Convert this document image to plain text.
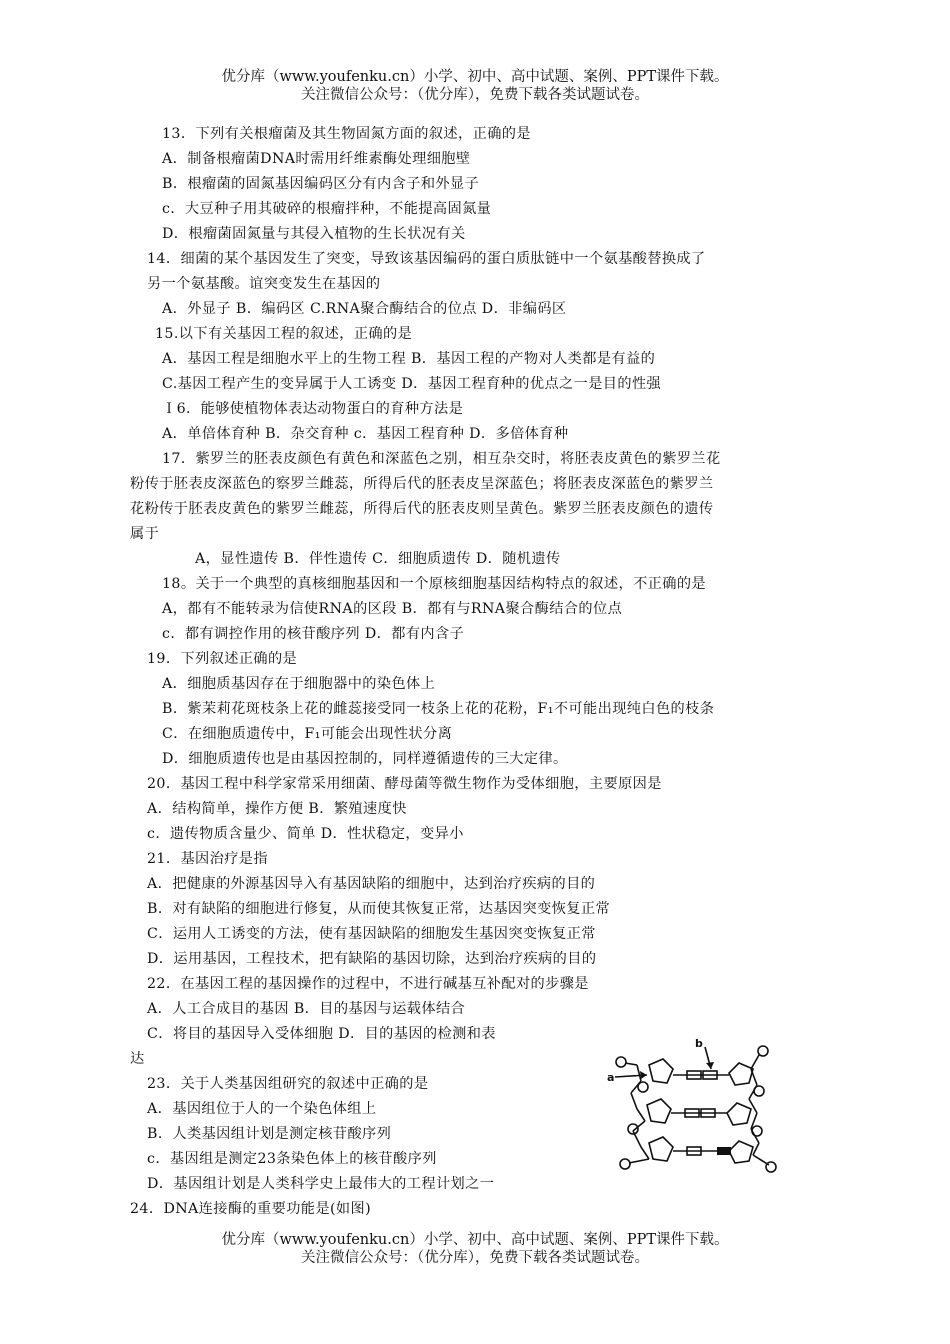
优分库（www.youfenku.cn）小学、初中、高中试题、案例、PPT课件下载。
关注微信公众号：（优分库），免费下载各类试题试卷。
13．下列有关根瘤菌及其生物固氮方面的叙述，正确的是
A．制备根瘤菌DNA时需用纤维素酶处理细胞壁
B．根瘤菌的固氮基因编码区分有内含子和外显子
c．大豆种子用其破碎的根瘤拌种，不能提高固氮量
D．根瘤菌固氮量与其侵入植物的生长状况有关
14．细菌的某个基因发生了突变，导致该基因编码的蛋白质肽链中一个氨基酸替换成了
另一个氨基酸。谊突变发生在基因的
A．外显子 B．编码区 C.RNA聚合酶结合的位点 D．非编码区
15.以下有关基因工程的叙述，正确的是
A．基因工程是细胞水平上的生物工程 B．基因工程的产物对人类都是有益的
C.基因工程产生的变异属于人工诱变 D．基因工程育种的优点之一是目的性强
Ｉ6．能够使植物体表达动物蛋白的育种方法是
A．单倍体育种 B．杂交育种 c．基因工程育种 D．多倍体育种
17．紫罗兰的胚表皮颜色有黄色和深蓝色之别，相互杂交时，将胚表皮黄色的紫罗兰花
粉传于胚表皮深蓝色的察罗兰雌蕊，所得后代的胚表皮呈深蓝色；将胚表皮深蓝色的紫罗兰
花粉传于胚表皮黄色的紫罗兰雌蕊，所得后代的胚表皮则呈黄色。紫罗兰胚表皮颜色的遗传
属于
A，显性遗传 B．伴性遗传 C．细胞质遗传 D．随机遗传
18。关于一个典型的真核细胞基因和一个原核细胞基因结构特点的叙述，不正确的是
A，都有不能转录为信使RNA的区段 B．都有与RNA聚合酶结合的位点
c．都有调控作用的核苷酸序列 D．都有内含子
19．下列叙述正确的是
A．细胞质基因存在于细胞器中的染色体上
B．紫茉莉花斑枝条上花的雌蕊接受同一枝条上花的花粉，F₁不可能出现纯白色的枝条
C．在细胞质遗传中，F₁可能会出现性状分离
D．细胞质遗传也是由基因控制的，同样遵循遗传的三大定律。
20．基因工程中科学家常采用细菌、酵母菌等微生物作为受体细胞，主要原因是
A．结构简单，操作方便 B．繁殖速度快
c．遗传物质含量少、简单 D．性状稳定，变异小
21．基因治疗是指
A．把健康的外源基因导入有基因缺陷的细胞中，达到治疗疾病的目的
B．对有缺陷的细胞进行修复，从而使其恢复正常，达基因突变恢复正常
C．运用人工诱变的方法，使有基因缺陷的细胞发生基因突变恢复正常
D．运用基因，工程技术，把有缺陷的基因切除，达到治疗疾病的目的
22．在基因工程的基因操作的过程中，不进行碱基互补配对的步骤是
A．人工合成目的基因 B．目的基因与运载体结合
C．将目的基因导入受体细胞 D．目的基因的检测和表
达
23．关于人类基因组研究的叙述中正确的是
A．基因组位于人的一个染色体组上
B．人类基因组计划是测定核苷酸序列
c．基因组是测定23条染色体上的核苷酸序列
D．基因组计划是人类科学史上最伟大的工程计划之一
24．DNA连接酶的重要功能是(如图)
a
b
优分库（www.youfenku.cn）小学、初中、高中试题、案例、PPT课件下载。
关注微信公众号：（优分库），免费下载各类试题试卷。
